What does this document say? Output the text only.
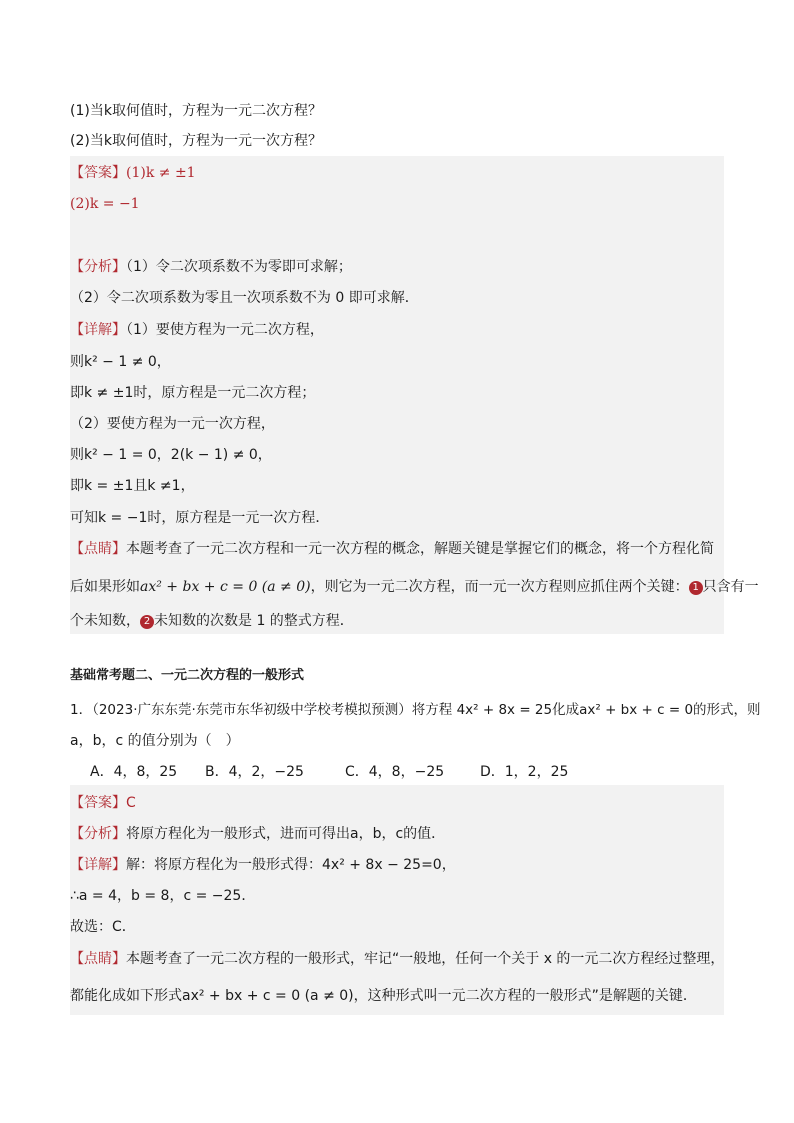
(1)当k取何值时，方程为一元二次方程？
(2)当k取何值时，方程为一元一次方程？
【答案】(1)k ≠ ±1
(2)k = −1
【分析】（1）令二次项系数不为零即可求解；
（2）令二次项系数为零且一次项系数不为 0 即可求解．
【详解】（1）要使方程为一元二次方程，
则k² − 1 ≠ 0，
即k ≠ ±1时，原方程是一元二次方程；
（2）要使方程为一元一次方程，
则k² − 1 = 0，2(k − 1) ≠ 0，
即k = ±1且k ≠1，
可知k = −1时，原方程是一元一次方程．
【点睛】本题考查了一元二次方程和一元一次方程的概念，解题关键是掌握它们的概念，将一个方程化简
后如果形如ax² + bx + c = 0 (a ≠ 0)，则它为一元二次方程，而一元一次方程则应抓住两个关键： 1 只含有一
个未知数， 2 未知数的次数是 1 的整式方程．
基础常考题二、一元二次方程的一般形式
1．（2023·广东东莞·东莞市东华初级中学校考模拟预测）将方程 4x² + 8x = 25化成ax² + bx + c = 0的形式，则
a，b，c 的值分别为（　）
A．4，8，25 B．4，2，−25	C．4，8，−25	D．1，2，25
【答案】C
【分析】将原方程化为一般形式，进而可得出a，b，c的值．
【详解】解：将原方程化为一般形式得：4x² + 8x − 25=0，
∴a = 4，b = 8，c = −25．
故选：C．
【点睛】本题考查了一元二次方程的一般形式，牢记“一般地，任何一个关于 x 的一元二次方程经过整理，
都能化成如下形式ax² + bx + c = 0 (a ≠ 0)，这种形式叫一元二次方程的一般形式”是解题的关键．
